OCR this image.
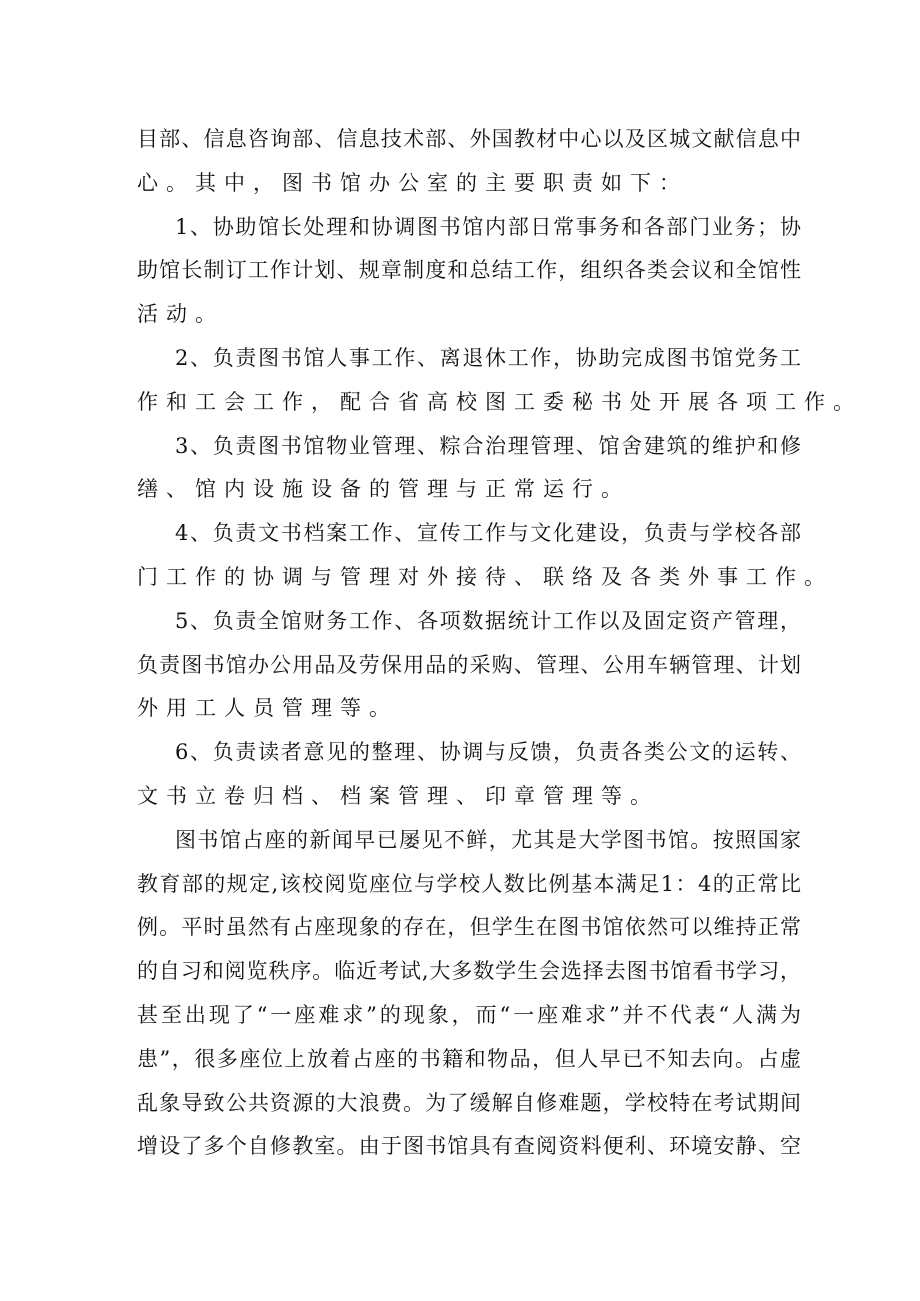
目部、信息咨询部、信息技术部、外国教材中心以及区城文献信息中
心。其中，图书馆办公室的主要职责如下：
1、协助馆长处理和协调图书馆内部日常事务和各部门业务；协
助馆长制订工作计划、规章制度和总结工作，组织各类会议和全馆性
活动。
2、负责图书馆人事工作、离退休工作，协助完成图书馆党务工
作和工会工作，配合省高校图工委秘书处开展各项工作。
3、负责图书馆物业管理、粽合治理管理、馆舍建筑的维护和修
缮、馆内设施设备的管理与正常运行。
4、负责文书档案工作、宣传工作与文化建设，负责与学校各部
门工作的协调与管理对外接待、联络及各类外事工作。
5、负责全馆财务工作、各项数据统计工作以及固定资产管理，
负责图书馆办公用品及劳保用品的采购、管理、公用车辆管理、计划
外用工人员管理等。
6、负责读者意见的整理、协调与反馈，负责各类公文的运转、
文书立卷归档、档案管理、印章管理等。
图书馆占座的新闻早已屡见不鲜，尤其是大学图书馆。按照国家
教育部的规定,该校阅览座位与学校人数比例基本满足1：4的正常比
例。平时虽然有占座现象的存在，但学生在图书馆依然可以维持正常
的自习和阅览秩序。临近考试,大多数学生会选择去图书馆看书学习，
甚至出现了“一座难求”的现象，而“一座难求”并不代表“人满为
患”，很多座位上放着占座的书籍和物品，但人早已不知去向。占虚
乱象导致公共资源的大浪费。为了缓解自修难题，学校特在考试期间
增设了多个自修教室。由于图书馆具有查阅资料便利、环境安静、空
